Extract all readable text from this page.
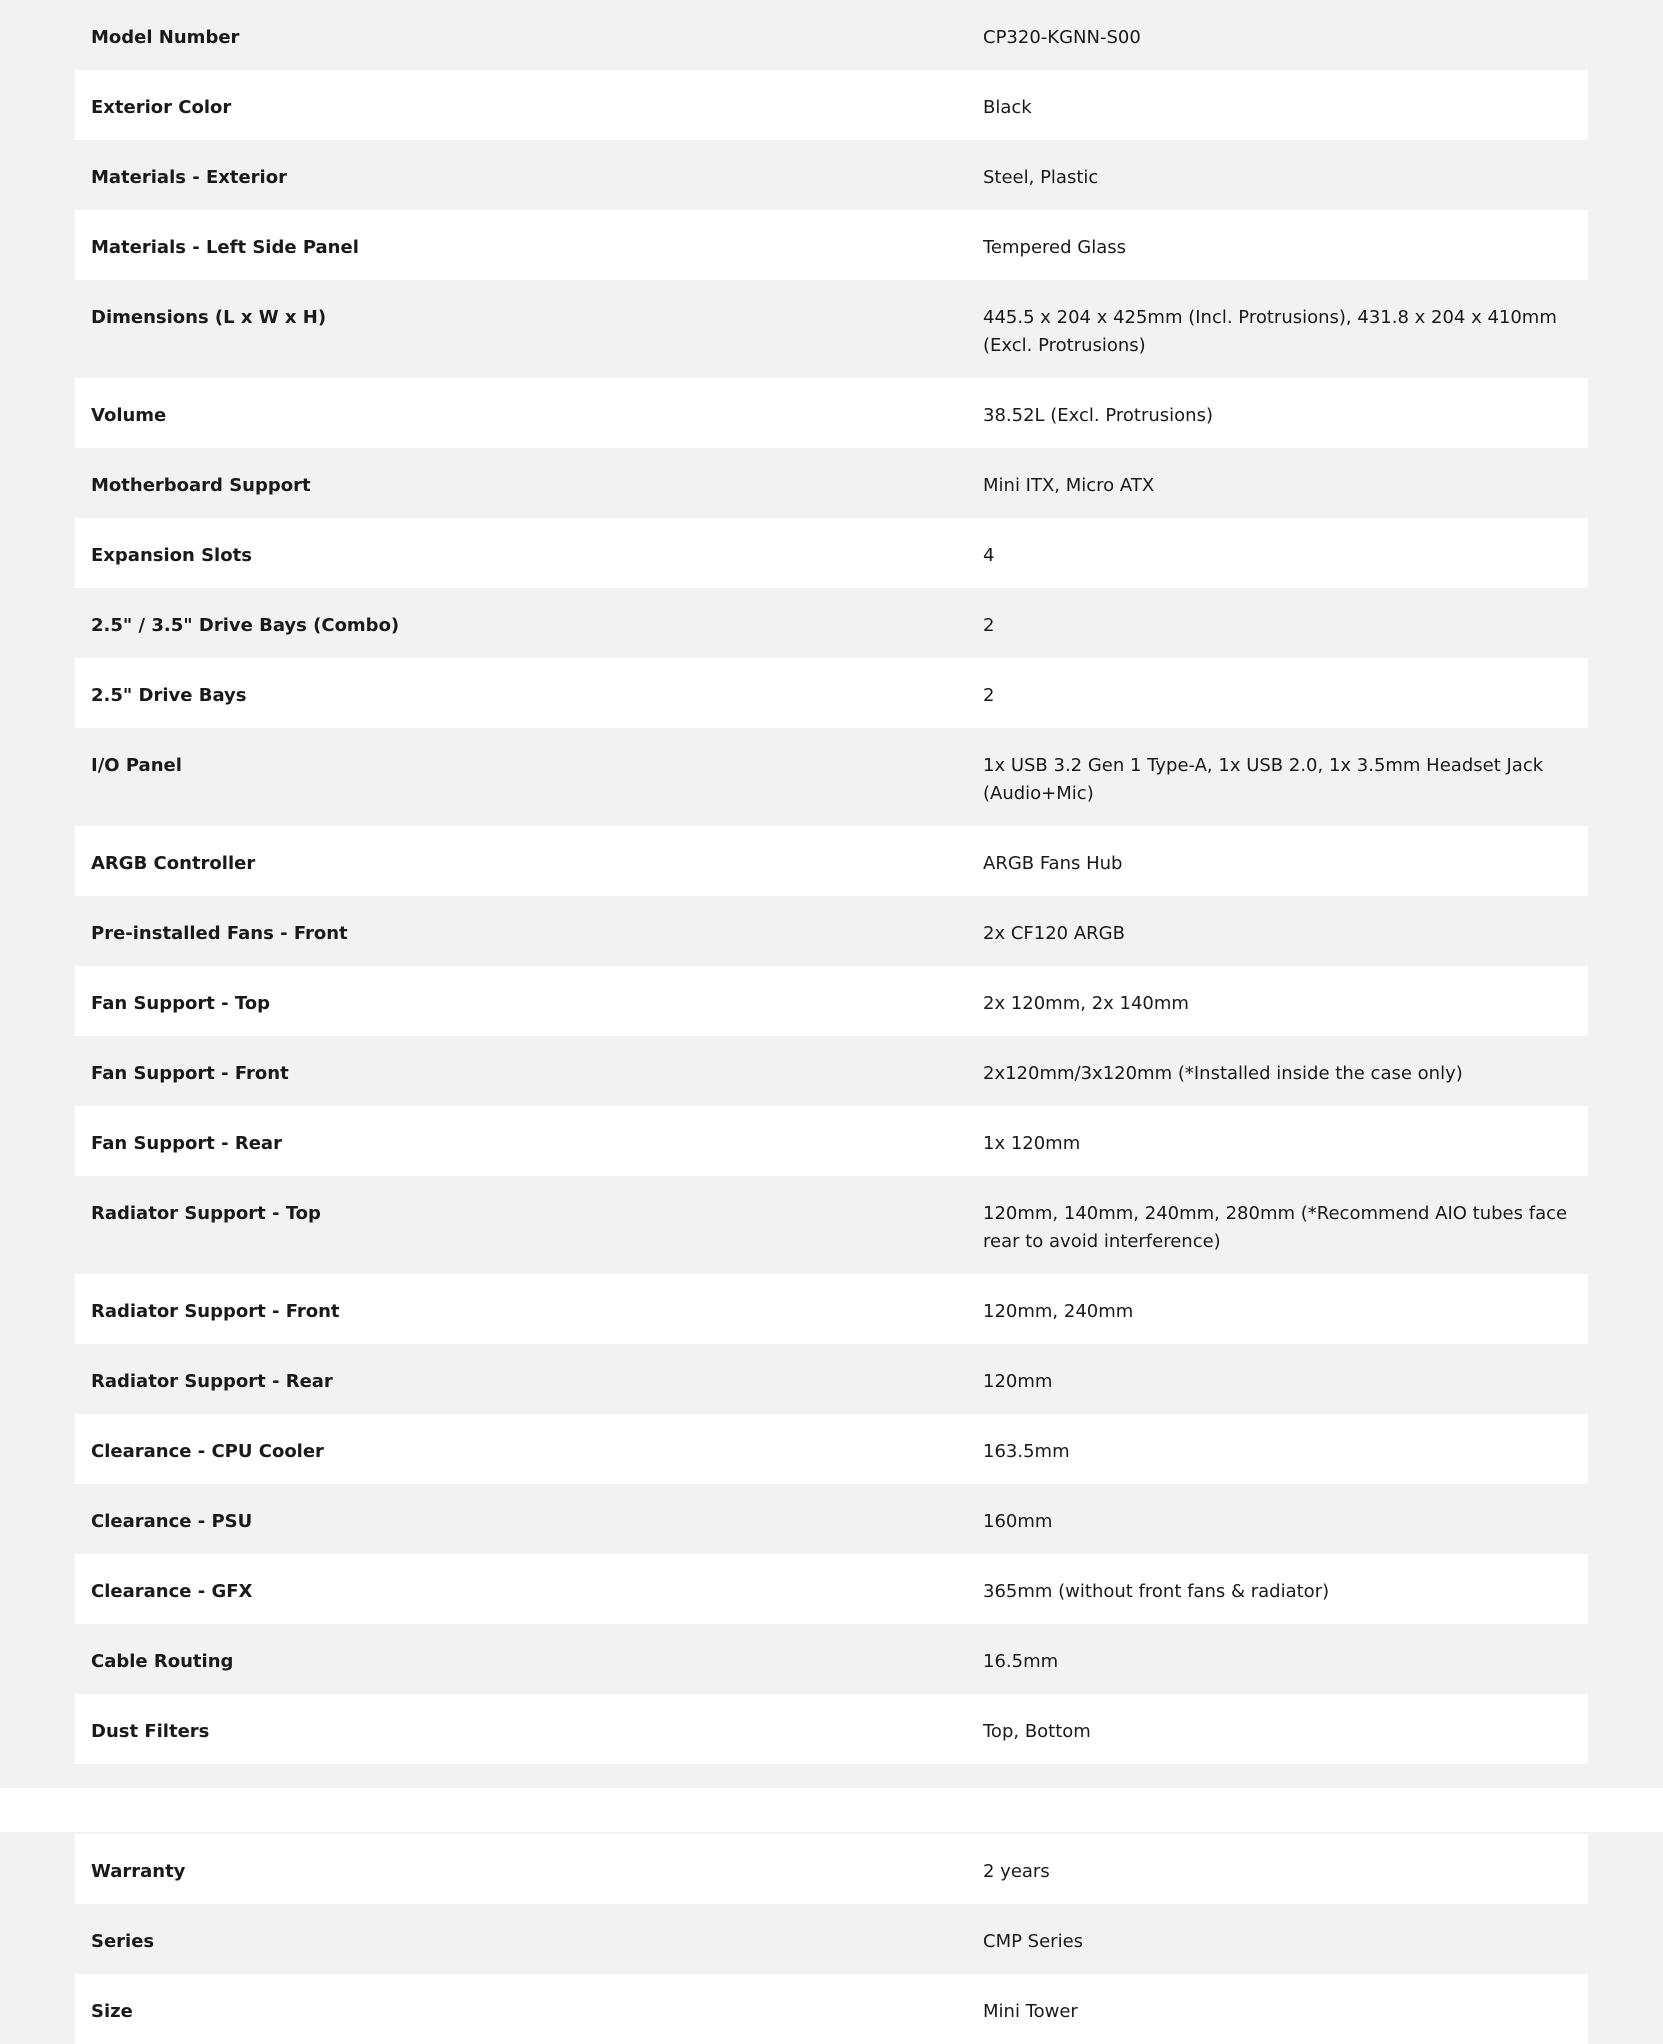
Model Number	CP320-KGNN-S00
Exterior Color	Black
Materials - Exterior	Steel, Plastic
Materials - Left Side Panel	Tempered Glass
Dimensions (L x W x H)	445.5 x 204 x 425mm (Incl. Protrusions), 431.8 x 204 x 410mm (Excl. Protrusions)
Volume	38.52L (Excl. Protrusions)
Motherboard Support	Mini ITX, Micro ATX
Expansion Slots	4
2.5" / 3.5" Drive Bays (Combo)	2
2.5" Drive Bays	2
I/O Panel	1x USB 3.2 Gen 1 Type-A, 1x USB 2.0, 1x 3.5mm Headset Jack (Audio+Mic)
ARGB Controller	ARGB Fans Hub
Pre-installed Fans - Front	2x CF120 ARGB
Fan Support - Top	2x 120mm, 2x 140mm
Fan Support - Front	2x120mm/3x120mm (*Installed inside the case only)
Fan Support - Rear	1x 120mm
Radiator Support - Top	120mm, 140mm, 240mm, 280mm (*Recommend AIO tubes face rear to avoid interference)
Radiator Support - Front	120mm, 240mm
Radiator Support - Rear	120mm
Clearance - CPU Cooler	163.5mm
Clearance - PSU	160mm
Clearance - GFX	365mm (without front fans & radiator)
Cable Routing	16.5mm
Dust Filters	Top, Bottom
Warranty	2 years
Series	CMP Series
Size	Mini Tower
